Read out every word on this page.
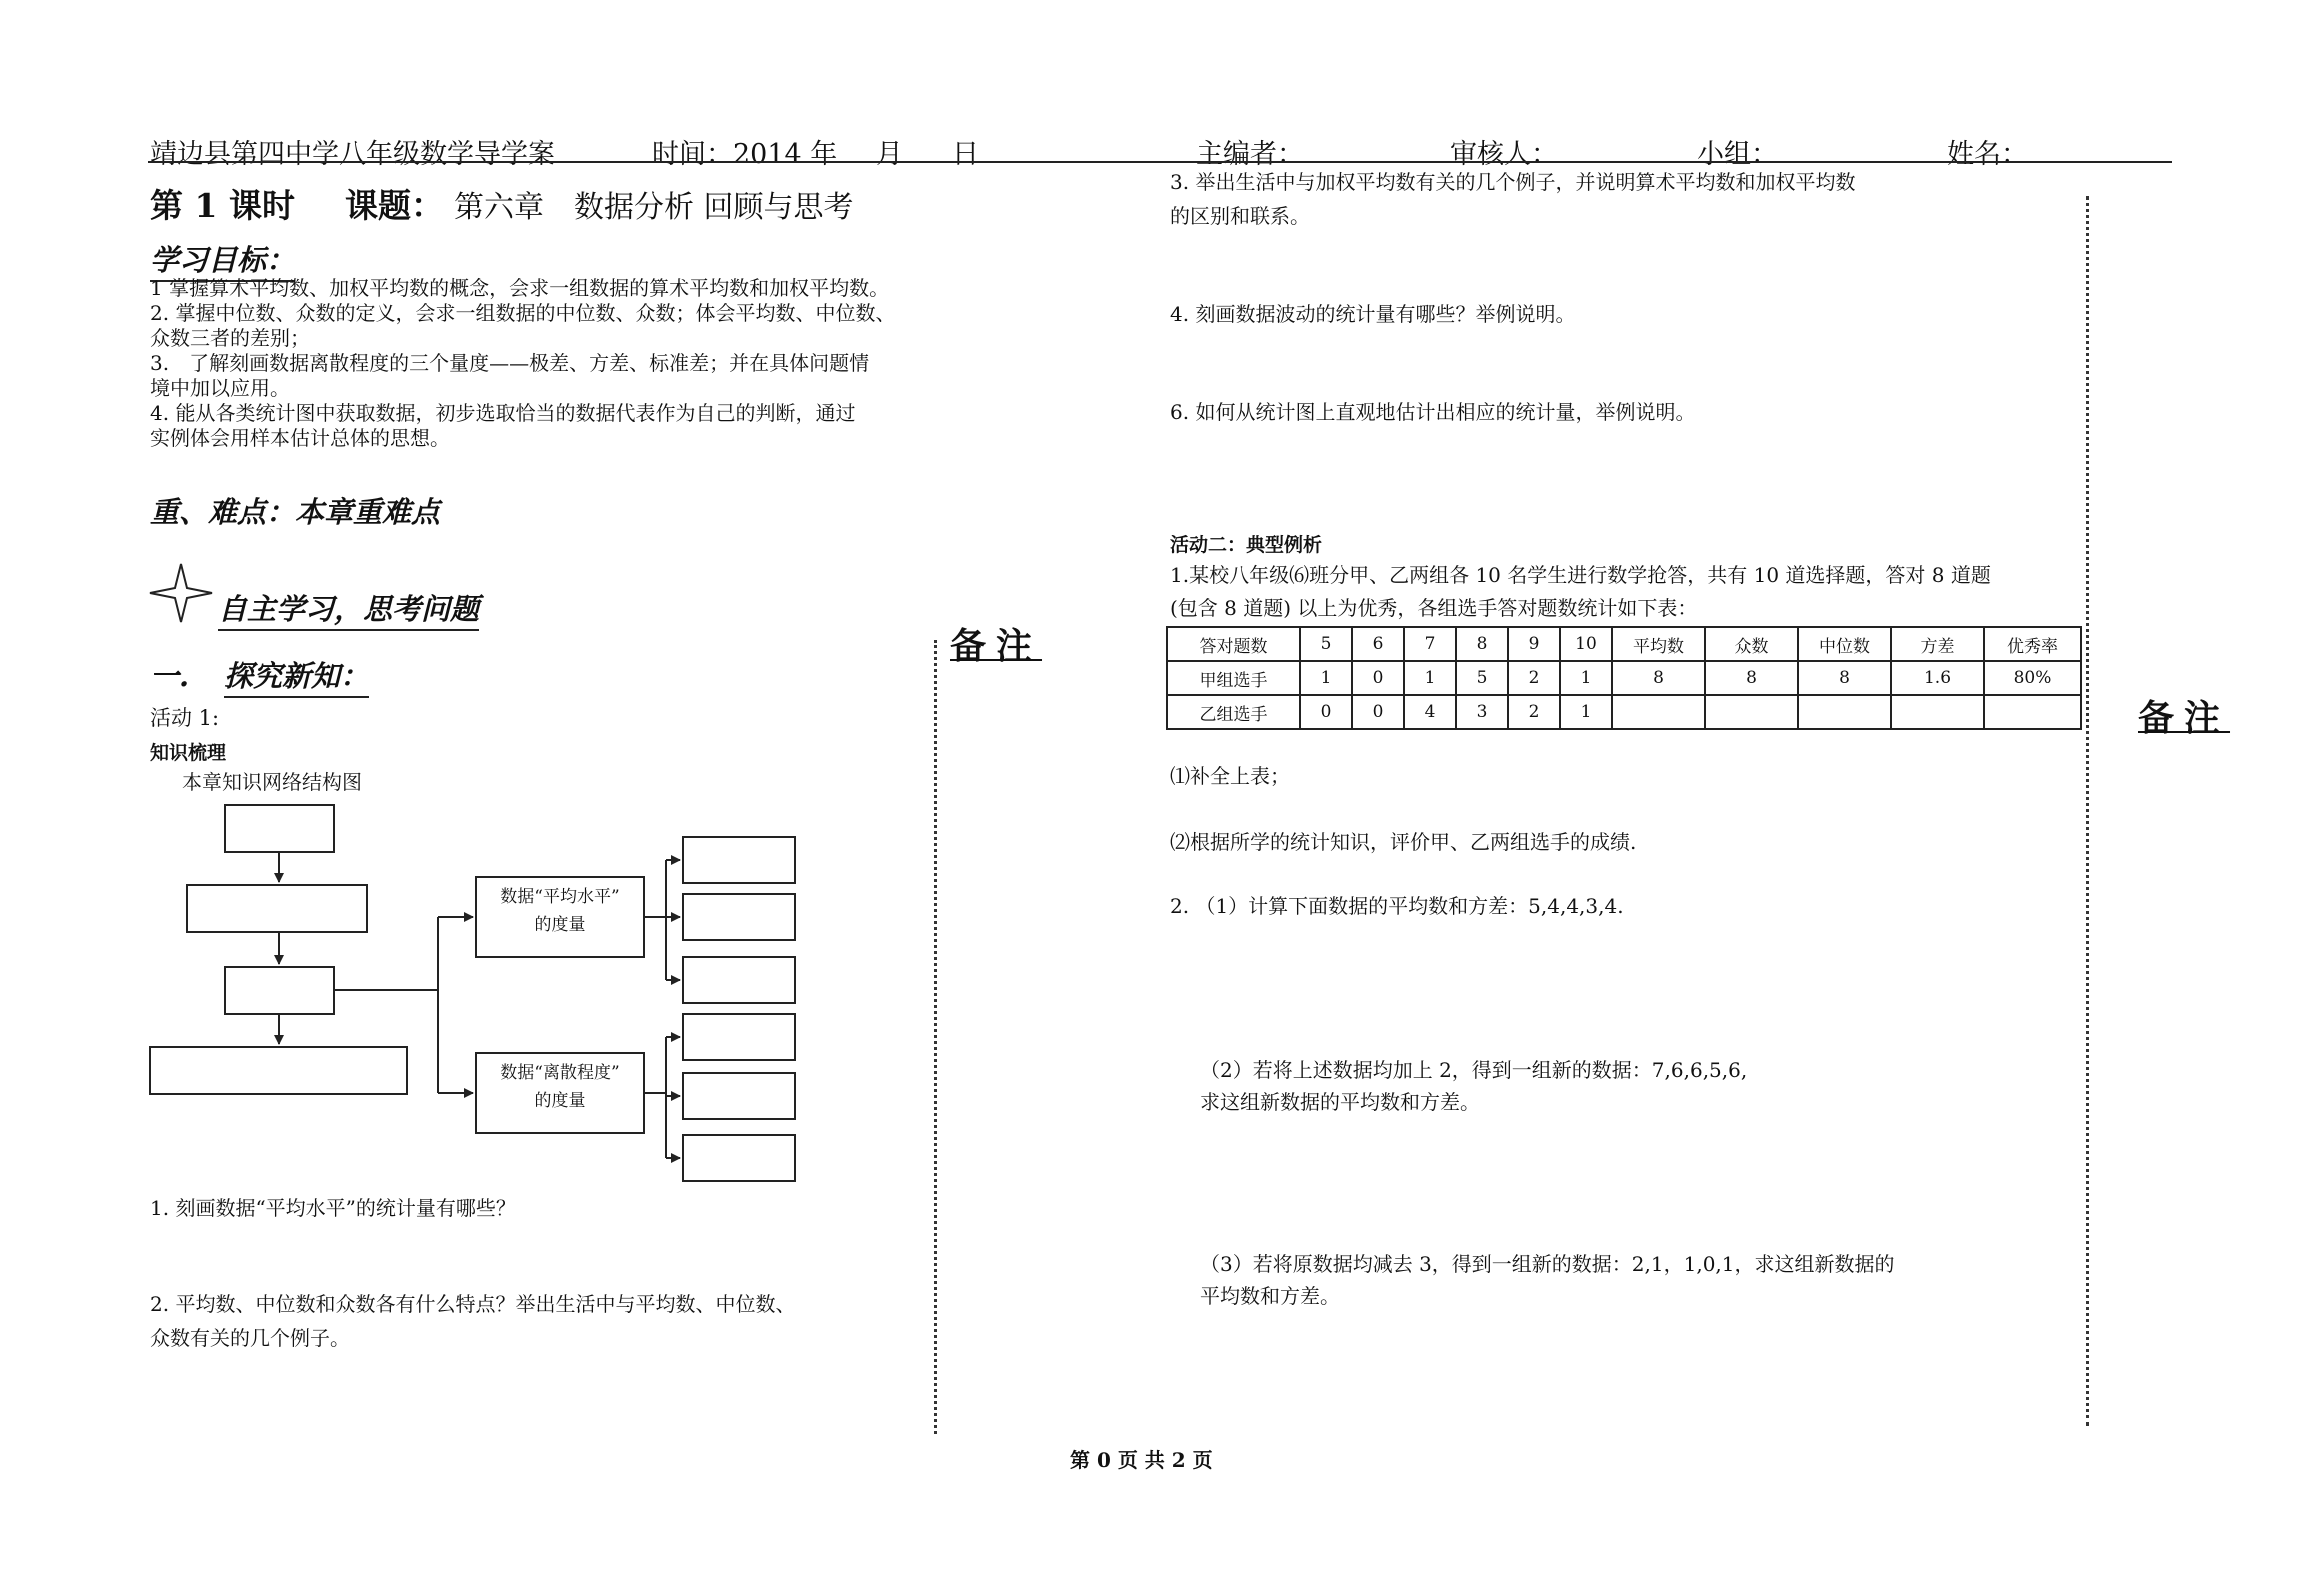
靖边县第四中学八年级数学导学案	时间：2014 年 月 日	主编者：	审核人：	小组：	姓名：
第 1 课时 课题： 第六章　数据分析 回顾与思考
学习目标：
1 掌握算术平均数、加权平均数的概念，会求一组数据的算术平均数和加权平均数。
2. 掌握中位数、众数的定义，会求一组数据的中位数、众数；体会平均数、中位数、
众数三者的差别；
3.　了解刻画数据离散程度的三个量度——极差、方差、标准差；并在具体问题情
境中加以应用。
4. 能从各类统计图中获取数据，初步选取恰当的数据代表作为自己的判断，通过
实例体会用样本估计总体的思想。
重、难点：本章重难点
自主学习，思考问题
一. 探究新知：
活动 1:
知识梳理
本章知识网络结构图
数据“平均水平”
的度量
数据“离散程度”
的度量
1. 刻画数据“平均水平”的统计量有哪些？
2. 平均数、中位数和众数各有什么特点？举出生活中与平均数、中位数、
众数有关的几个例子。
备注
3. 举出生活中与加权平均数有关的几个例子，并说明算术平均数和加权平均数
的区别和联系。
4. 刻画数据波动的统计量有哪些？举例说明。
6. 如何从统计图上直观地估计出相应的统计量，举例说明。
活动二：典型例析
1.某校八年级⑹班分甲、乙两组各 10 名学生进行数学抢答，共有 10 道选择题，答对 8 道题
(包含 8 道题) 以上为优秀，各组选手答对题数统计如下表：
答对题数	5	6	7	8	9	10	平均数	众数	中位数	方差	优秀率
甲组选手	1	0	1	5	2	1	8	8	8	1.6	80%
乙组选手	0	0	4	3	2	1					
⑴补全上表；
⑵根据所学的统计知识，评价甲、乙两组选手的成绩.
2. （1）计算下面数据的平均数和方差：5,4,4,3,4.
（2）若将上述数据均加上 2，得到一组新的数据：7,6,6,5,6,
求这组新数据的平均数和方差。
（3）若将原数据均减去 3，得到一组新的数据：2,1，1,0,1，求这组新数据的
平均数和方差。
备注
第 0 页 共 2 页
